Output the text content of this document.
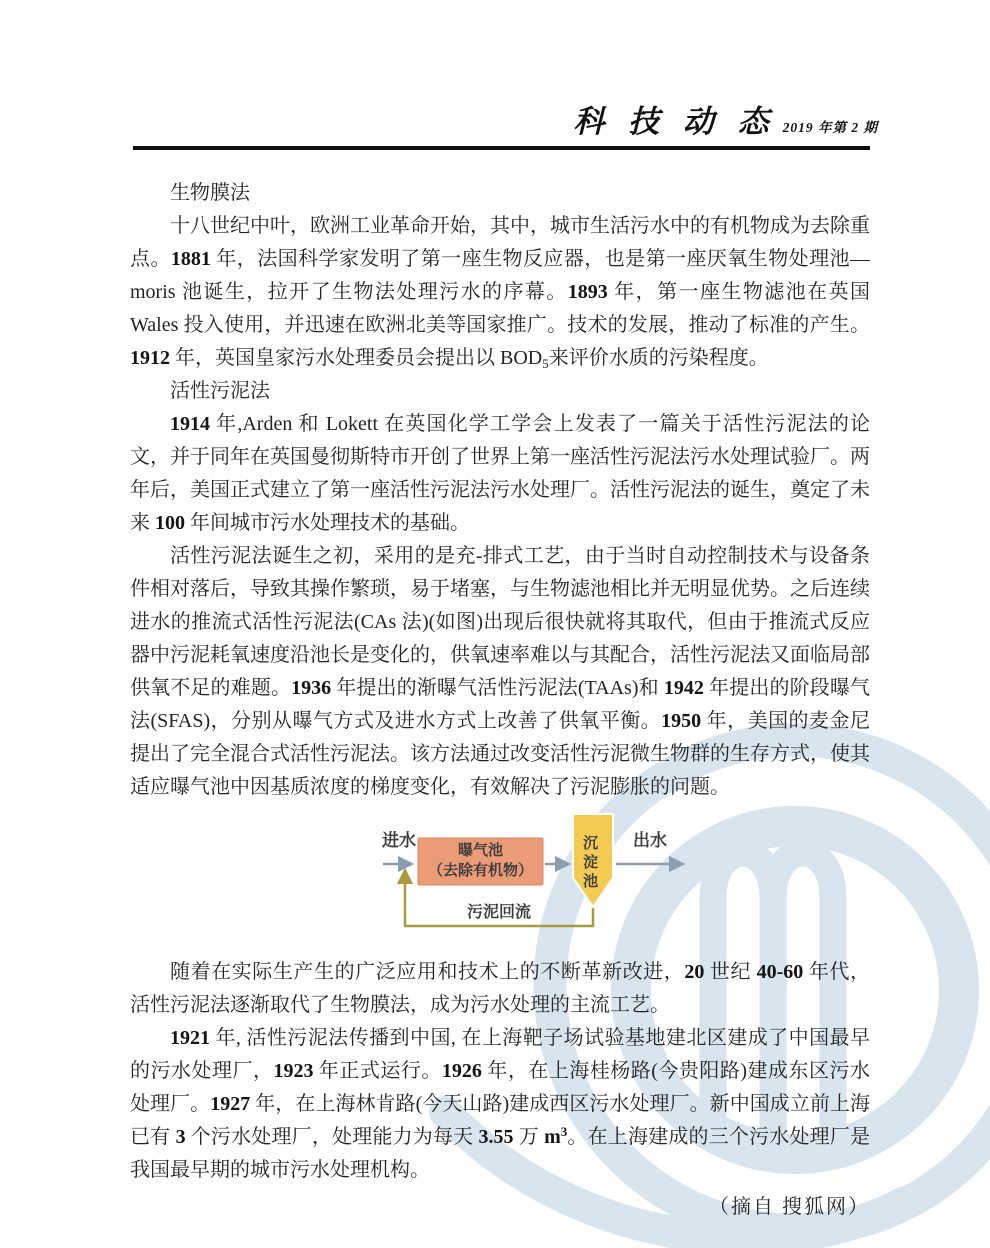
科 技 动 态 2019 年第 2 期

生物膜法

十八世纪中叶，欧洲工业革命开始，其中，城市生活污水中的有机物成为去除重点。1881 年，法国科学家发明了第一座生物反应器，也是第一座厌氧生物处理池—moris 池诞生，拉开了生物法处理污水的序幕。1893 年，第一座生物滤池在英国 Wales 投入使用，并迅速在欧洲北美等国家推广。技术的发展，推动了标准的产生。1912 年，英国皇家污水处理委员会提出以 $BOD_5$来评价水质的污染程度。

活性污泥法

1914 年,Arden 和 Lokett 在英国化学工学会上发表了一篇关于活性污泥法的论文，并于同年在英国曼彻斯特市开创了世界上第一座活性污泥法污水处理试验厂。两年后，美国正式建立了第一座活性污泥法污水处理厂。活性污泥法的诞生，奠定了未来 100 年间城市污水处理技术的基础。

活性污泥法诞生之初，采用的是充-排式工艺，由于当时自动控制技术与设备条件相对落后，导致其操作繁琐，易于堵塞，与生物滤池相比并无明显优势。之后连续进水的推流式活性污泥法(CAs 法)(如图)出现后很快就将其取代，但由于推流式反应器中污泥耗氧速度沿池长是变化的，供氧速率难以与其配合，活性污泥法又面临局部供氧不足的难题。1936 年提出的渐曝气活性污泥法(TAAs)和 1942 年提出的阶段曝气法(SFAS)，分别从曝气方式及进水方式上改善了供氧平衡。1950 年，美国的麦金尼提出了完全混合式活性污泥法。该方法通过改变活性污泥微生物群的生存方式，使其适应曝气池中因基质浓度的梯度变化，有效解决了污泥膨胀的问题。

进水
曝气池
（去除有机物）	沉淀池	出水
污泥回流

随着在实际生产生的广泛应用和技术上的不断革新改进，20 世纪 40-60 年代，活性污泥法逐渐取代了生物膜法，成为污水处理的主流工艺。

1921 年, 活性污泥法传播到中国, 在上海靶子场试验基地建北区建成了中国最早的污水处理厂，1923 年正式运行。1926 年，在上海桂杨路(今贵阳路)建成东区污水处理厂。1927 年，在上海林肯路(今天山路)建成西区污水处理厂。新中国成立前上海已有 3 个污水处理厂，处理能力为每天 3.55 万 $m^3$。在上海建成的三个污水处理厂是我国最早期的城市污水处理机构。

（摘自 搜狐网）
